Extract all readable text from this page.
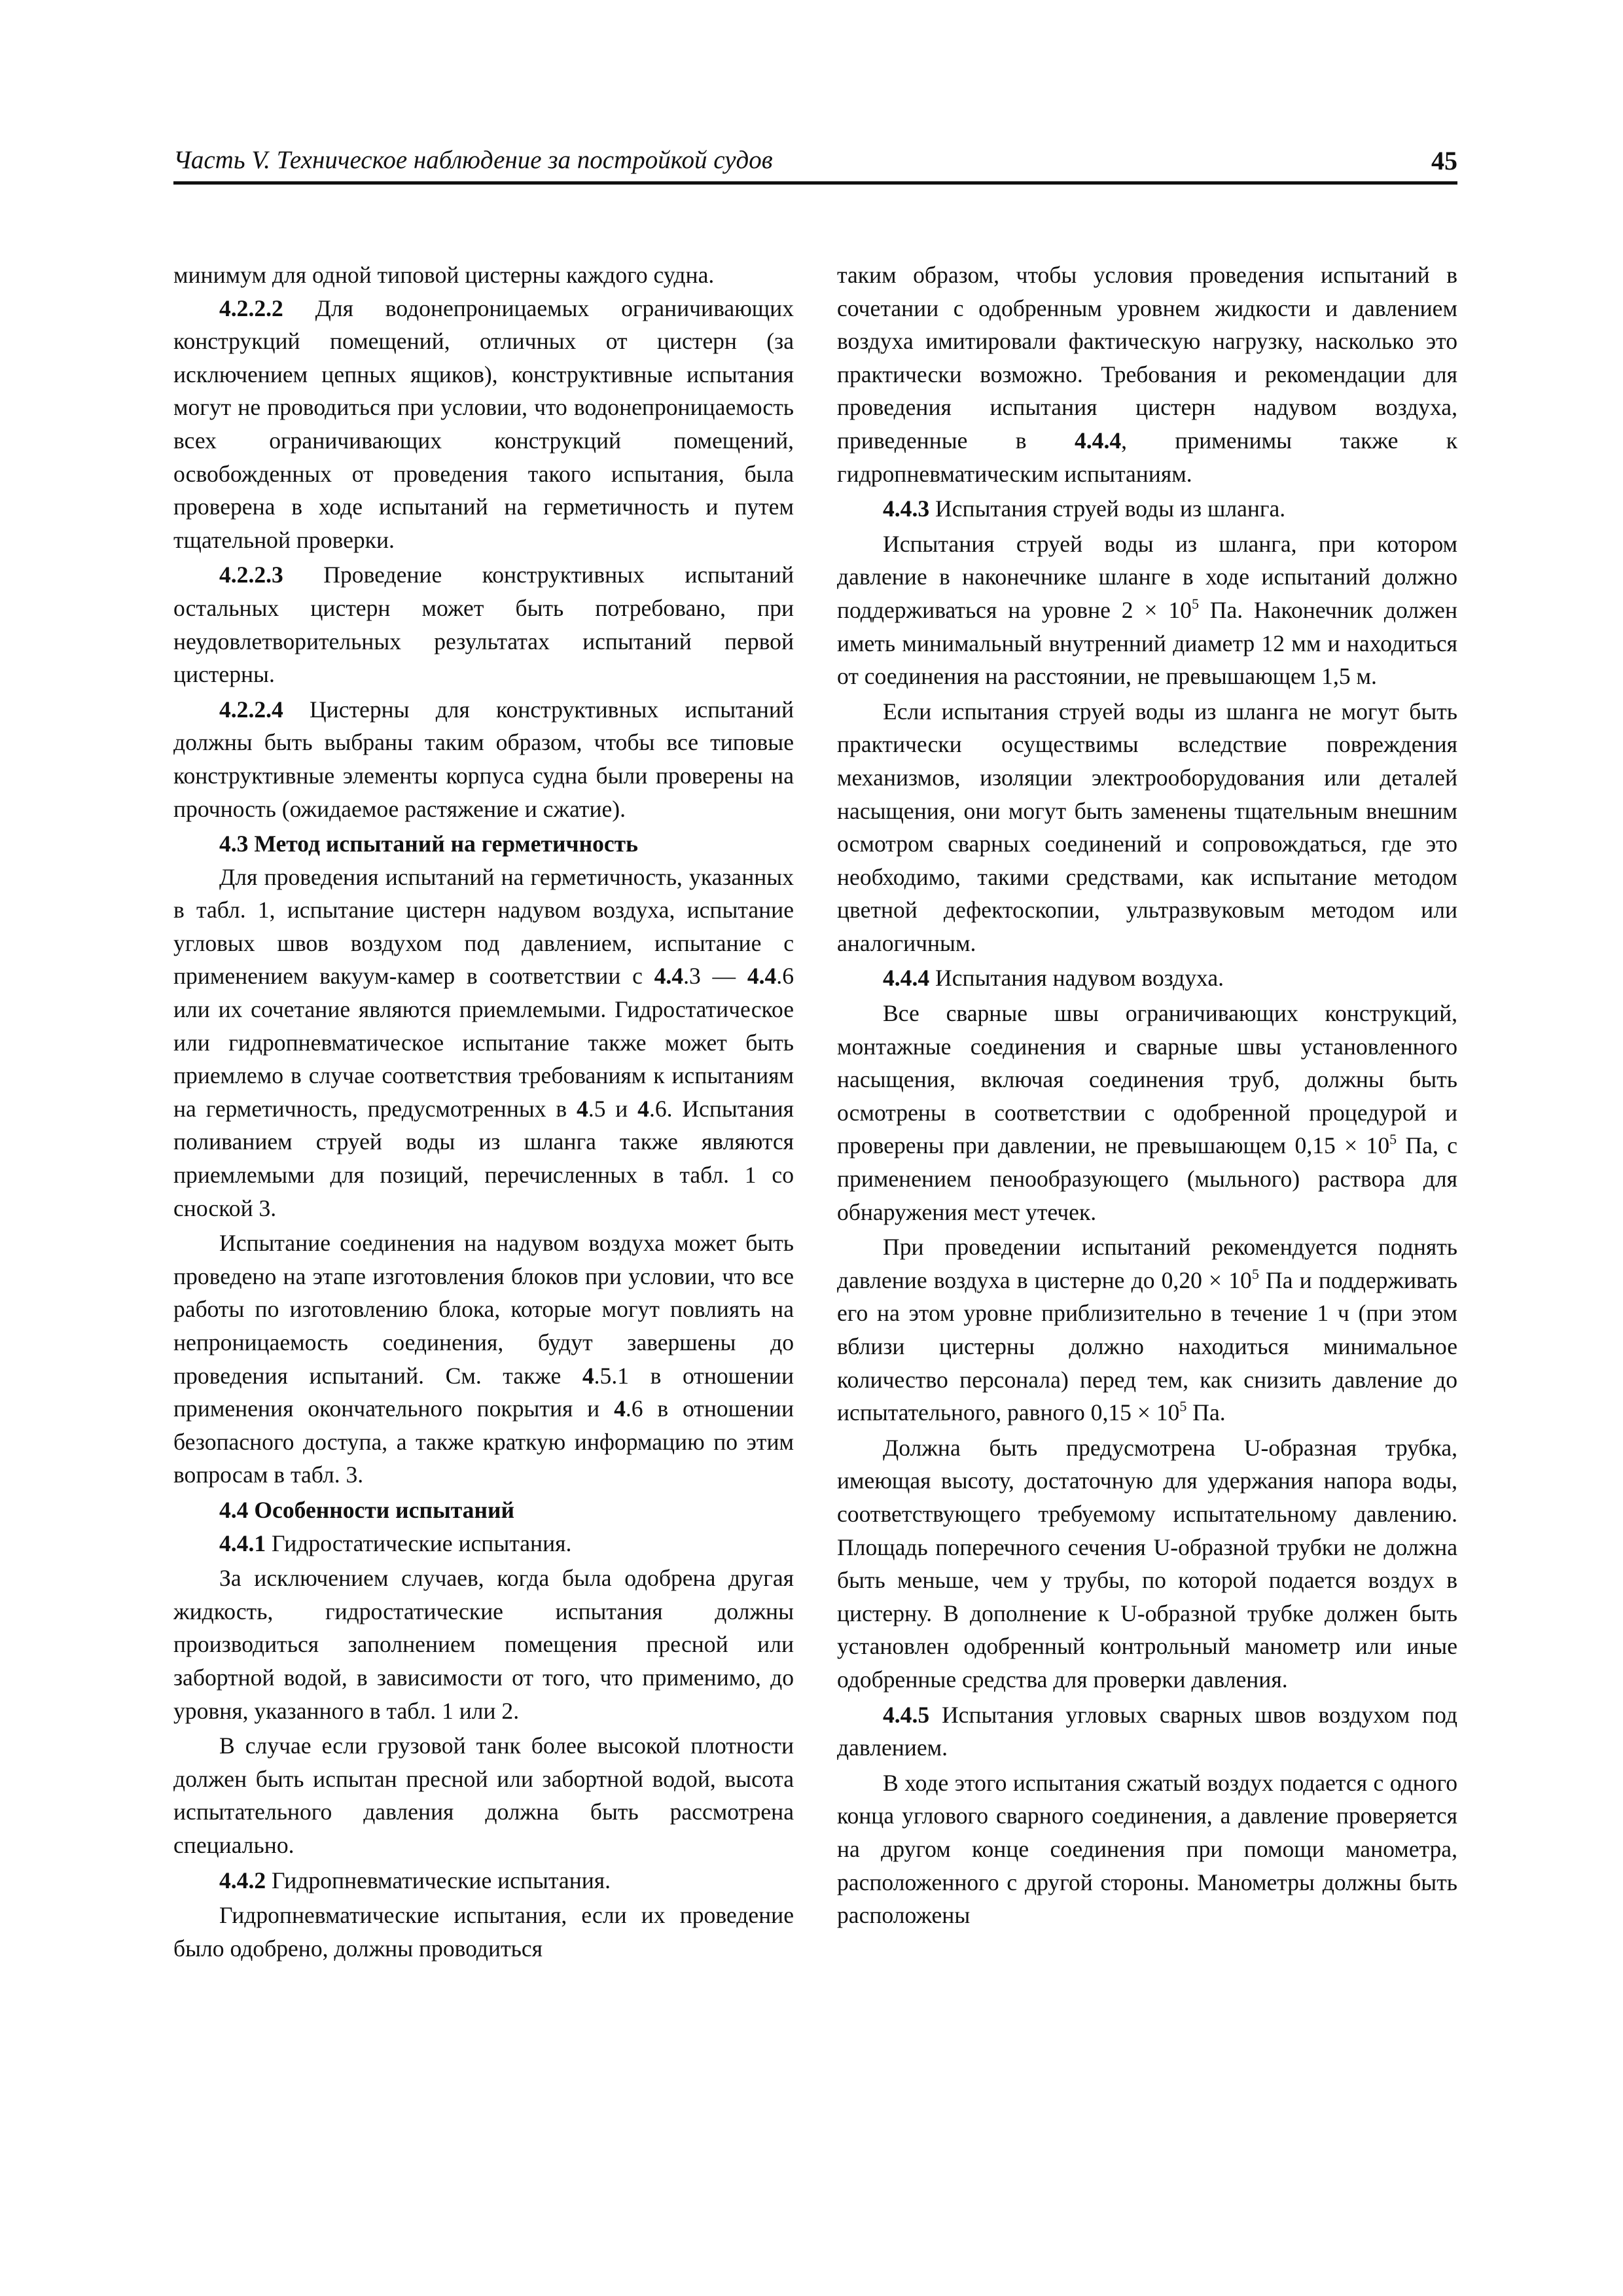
Часть V. Техническое наблюдение за постройкой судов	45

минимум для одной типовой цистерны каждого судна.

4.2.2.2 Для водонепроницаемых ограничивающих конструкций помещений, отличных от цистерн (за исключением цепных ящиков), конструктивные испытания могут не проводиться при условии, что водонепроницаемость всех ограничивающих конструкций помещений, освобожденных от проведения такого испытания, была проверена в ходе испытаний на герметичность и путем тщательной проверки.

4.2.2.3 Проведение конструктивных испытаний остальных цистерн может быть потребовано, при неудовлетворительных результатах испытаний первой цистерны.

4.2.2.4 Цистерны для конструктивных испытаний должны быть выбраны таким образом, чтобы все типовые конструктивные элементы корпуса судна были проверены на прочность (ожидаемое растяжение и сжатие).

4.3 Метод испытаний на герметичность

Для проведения испытаний на герметичность, указанных в табл. 1, испытание цистерн надувом воздуха, испытание угловых швов воздухом под давлением, испытание с применением вакуум-камер в соответствии с 4.4.3 — 4.4.6 или их сочетание являются приемлемыми. Гидростатическое или гидропневматическое испытание также может быть приемлемо в случае соответствия требованиям к испытаниям на герметичность, предусмотренных в 4.5 и 4.6. Испытания поливанием струей воды из шланга также являются приемлемыми для позиций, перечисленных в табл. 1 со сноской 3.

Испытание соединения на надувом воздуха может быть проведено на этапе изготовления блоков при условии, что все работы по изготовлению блока, которые могут повлиять на непроницаемость соединения, будут завершены до проведения испытаний. См. также 4.5.1 в отношении применения окончательного покрытия и 4.6 в отношении безопасного доступа, а также краткую информацию по этим вопросам в табл. 3.

4.4 Особенности испытаний

4.4.1 Гидростатические испытания.

За исключением случаев, когда была одобрена другая жидкость, гидростатические испытания должны производиться заполнением помещения пресной или забортной водой, в зависимости от того, что применимо, до уровня, указанного в табл. 1 или 2.

В случае если грузовой танк более высокой плотности должен быть испытан пресной или забортной водой, высота испытательного давления должна быть рассмотрена специально.

4.4.2 Гидропневматические испытания.

Гидропневматические испытания, если их проведение было одобрено, должны проводиться

таким образом, чтобы условия проведения испытаний в сочетании с одобренным уровнем жидкости и давлением воздуха имитировали фактическую нагрузку, насколько это практически возможно. Требования и рекомендации для проведения испытания цистерн надувом воздуха, приведенные в 4.4.4, применимы также к гидропневматическим испытаниям.

4.4.3 Испытания струей воды из шланга.

Испытания струей воды из шланга, при котором давление в наконечнике шланге в ходе испытаний должно поддерживаться на уровне $2 \times 10^5$ Па. Наконечник должен иметь минимальный внутренний диаметр 12 мм и находиться от соединения на расстоянии, не превышающем 1,5 м.

Если испытания струей воды из шланга не могут быть практически осуществимы вследствие повреждения механизмов, изоляции электрооборудования или деталей насыщения, они могут быть заменены тщательным внешним осмотром сварных соединений и сопровождаться, где это необходимо, такими средствами, как испытание методом цветной дефектоскопии, ультразвуковым методом или аналогичным.

4.4.4 Испытания надувом воздуха.

Все сварные швы ограничивающих конструкций, монтажные соединения и сварные швы установленного насыщения, включая соединения труб, должны быть осмотрены в соответствии с одобренной процедурой и проверены при давлении, не превышающем $0,15 \times 10^5$ Па, с применением пенообразующего (мыльного) раствора для обнаружения мест утечек.

При проведении испытаний рекомендуется поднять давление воздуха в цистерне до $0,20 \times 10^5$ Па и поддерживать его на этом уровне приблизительно в течение 1 ч (при этом вблизи цистерны должно находиться минимальное количество персонала) перед тем, как снизить давление до испытательного, равного $0,15 \times 10^5$ Па.

Должна быть предусмотрена U-образная трубка, имеющая высоту, достаточную для удержания напора воды, соответствующего требуемому испытательному давлению. Площадь поперечного сечения U-образной трубки не должна быть меньше, чем у трубы, по которой подается воздух в цистерну. В дополнение к U-образной трубке должен быть установлен одобренный контрольный манометр или иные одобренные средства для проверки давления.

4.4.5 Испытания угловых сварных швов воздухом под давлением.

В ходе этого испытания сжатый воздух подается с одного конца углового сварного соединения, а давление проверяется на другом конце соединения при помощи манометра, расположенного с другой стороны. Манометры должны быть расположены
